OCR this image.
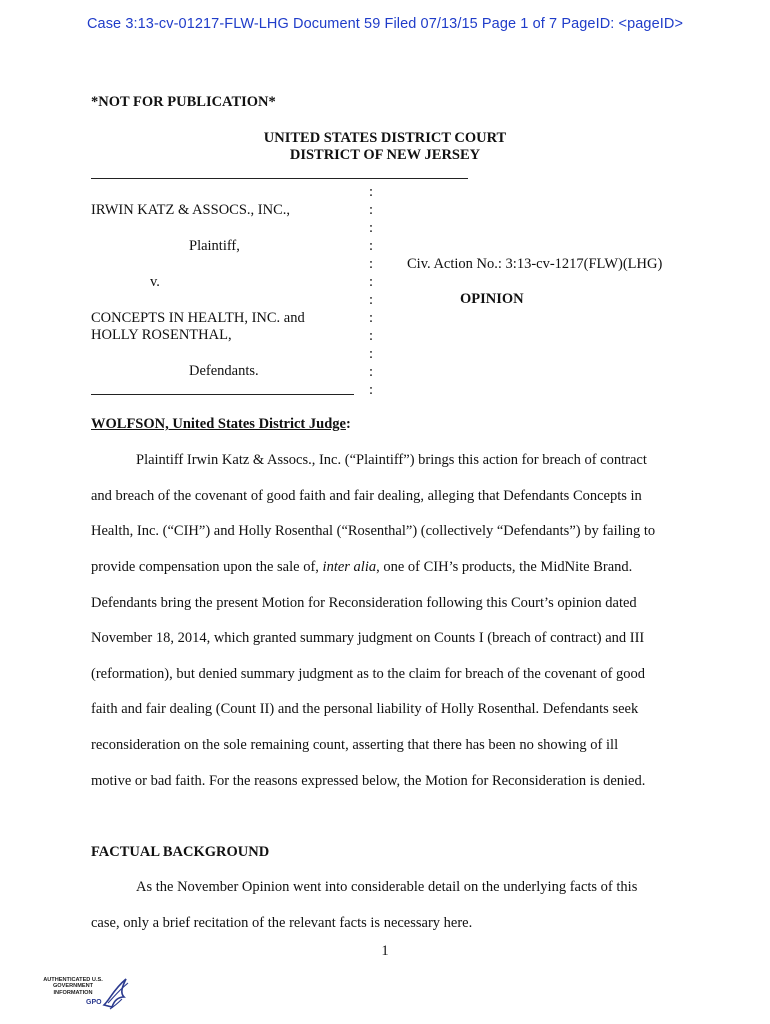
Case 3:13-cv-01217-FLW-LHG Document 59 Filed 07/13/15 Page 1 of 7 PageID: <pageID>
*NOT FOR PUBLICATION*
UNITED STATES DISTRICT COURT
DISTRICT OF NEW JERSEY
:
:
:
:
:
:
:
:
:
:
:
:
IRWIN KATZ & ASSOCS., INC.,
Plaintiff,
Civ. Action No.: 3:13-cv-1217(FLW)(LHG)
v.
OPINION
CONCEPTS IN HEALTH, INC. and
HOLLY ROSENTHAL,
Defendants.
WOLFSON, United States District Judge:
Plaintiff Irwin Katz & Assocs., Inc. (“Plaintiff”) brings this action for breach of contract
and breach of the covenant of good faith and fair dealing, alleging that Defendants Concepts in
Health, Inc. (“CIH”) and Holly Rosenthal (“Rosenthal”) (collectively “Defendants”) by failing to
provide compensation upon the sale of, inter alia, one of CIH’s products, the MidNite Brand.
Defendants bring the present Motion for Reconsideration following this Court’s opinion dated
November 18, 2014, which granted summary judgment on Counts I (breach of contract) and III
(reformation), but denied summary judgment as to the claim for breach of the covenant of good
faith and fair dealing (Count II) and the personal liability of Holly Rosenthal. Defendants seek
reconsideration on the sole remaining count, asserting that there has been no showing of ill
motive or bad faith. For the reasons expressed below, the Motion for Reconsideration is denied.
FACTUAL BACKGROUND
As the November Opinion went into considerable detail on the underlying facts of this
case, only a brief recitation of the relevant facts is necessary here.
1
AUTHENTICATED U.S. GOVERNMENT INFORMATION
GPO
